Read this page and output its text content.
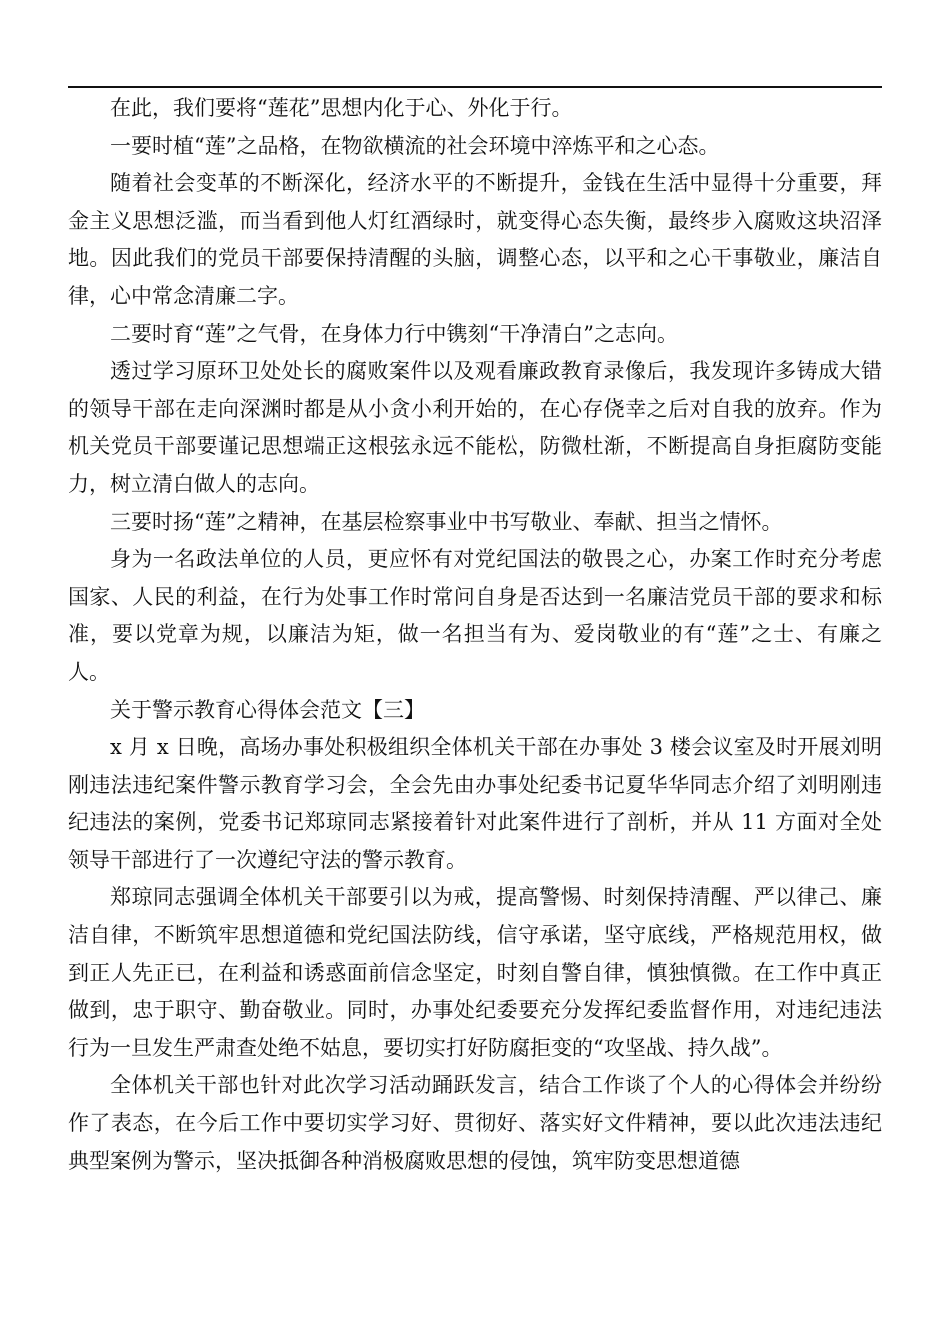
在此，我们要将“莲花”思想内化于心、外化于行。

一要时植“莲”之品格，在物欲横流的社会环境中淬炼平和之心态。

随着社会变革的不断深化，经济水平的不断提升，金钱在生活中显得十分重要，拜金主义思想泛滥，而当看到他人灯红酒绿时，就变得心态失衡，最终步入腐败这块沼泽地。因此我们的党员干部要保持清醒的头脑，调整心态，以平和之心干事敬业，廉洁自律，心中常念清廉二字。

二要时育“莲”之气骨，在身体力行中镌刻“干净清白”之志向。

透过学习原环卫处处长的腐败案件以及观看廉政教育录像后，我发现许多铸成大错的领导干部在走向深渊时都是从小贪小利开始的，在心存侥幸之后对自我的放弃。作为机关党员干部要谨记思想端正这根弦永远不能松，防微杜渐，不断提高自身拒腐防变能力，树立清白做人的志向。

三要时扬“莲”之精神，在基层检察事业中书写敬业、奉献、担当之情怀。

身为一名政法单位的人员，更应怀有对党纪国法的敬畏之心，办案工作时充分考虑国家、人民的利益，在行为处事工作时常问自身是否达到一名廉洁党员干部的要求和标准，要以党章为规，以廉洁为矩，做一名担当有为、爱岗敬业的有“莲”之士、有廉之人。

关于警示教育心得体会范文【三】

x 月 x 日晚，高场办事处积极组织全体机关干部在办事处 3 楼会议室及时开展刘明刚违法违纪案件警示教育学习会，全会先由办事处纪委书记夏华华同志介绍了刘明刚违纪违法的案例，党委书记郑琼同志紧接着针对此案件进行了剖析，并从 11 方面对全处领导干部进行了一次遵纪守法的警示教育。

郑琼同志强调全体机关干部要引以为戒，提高警惕、时刻保持清醒、严以律己、廉洁自律，不断筑牢思想道德和党纪国法防线，信守承诺，坚守底线，严格规范用权，做到正人先正已，在利益和诱惑面前信念坚定，时刻自警自律，慎独慎微。在工作中真正做到，忠于职守、勤奋敬业。同时，办事处纪委要充分发挥纪委监督作用，对违纪违法行为一旦发生严肃查处绝不姑息，要切实打好防腐拒变的“攻坚战、持久战”。

全体机关干部也针对此次学习活动踊跃发言，结合工作谈了个人的心得体会并纷纷作了表态，在今后工作中要切实学习好、贯彻好、落实好文件精神，要以此次违法违纪典型案例为警示，坚决抵御各种消极腐败思想的侵蚀，筑牢防变思想道德
